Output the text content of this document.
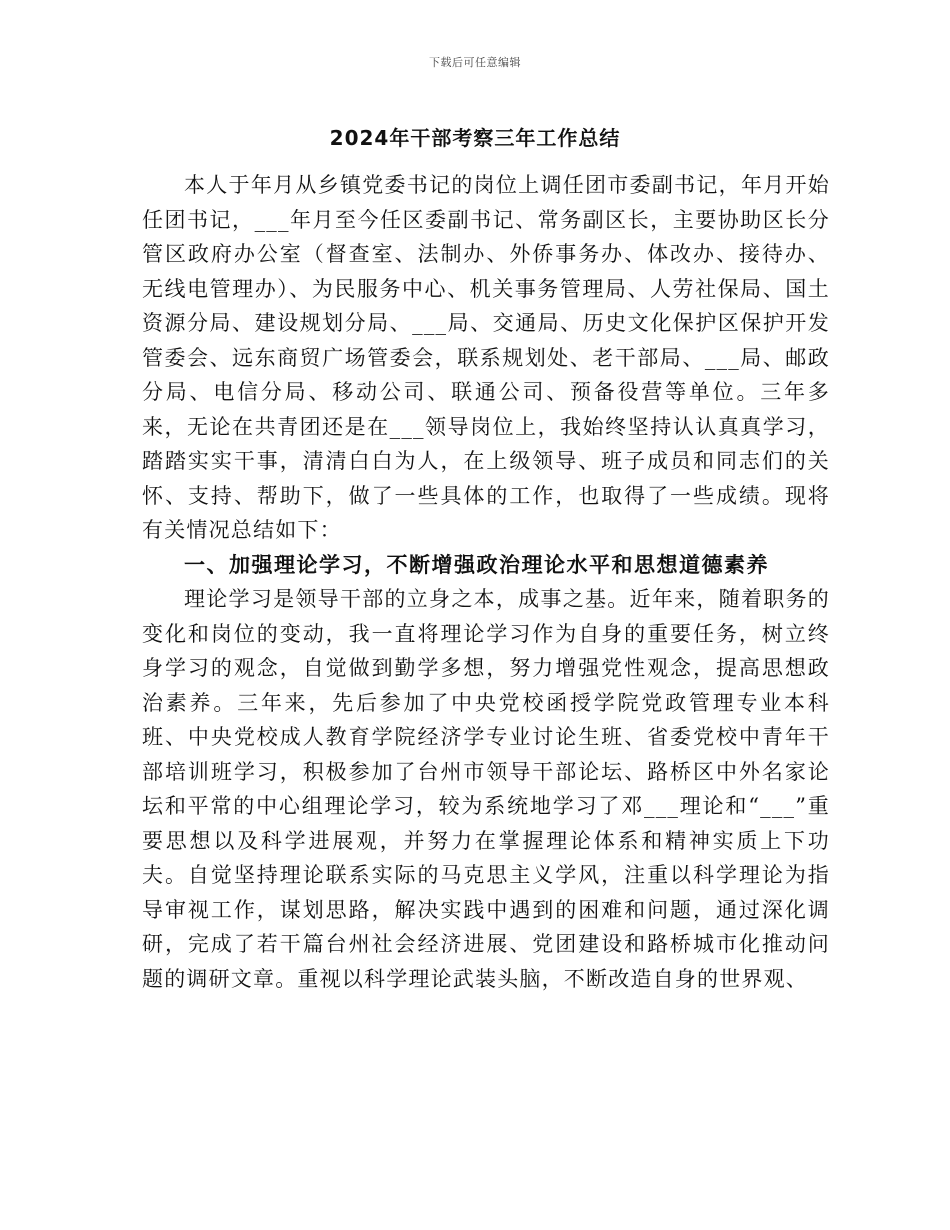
下载后可任意编辑
2024年干部考察三年工作总结

本人于年月从乡镇党委书记的岗位上调任团市委副书记，年月开始任团书记，___年月至今任区委副书记、常务副区长，主要协助区长分管区政府办公室（督查室、法制办、外侨事务办、体改办、接待办、无线电管理办）、为民服务中心、机关事务管理局、人劳社保局、国土资源分局、建设规划分局、___局、交通局、历史文化保护区保护开发管委会、远东商贸广场管委会，联系规划处、老干部局、___局、邮政分局、电信分局、移动公司、联通公司、预备役营等单位。三年多来，无论在共青团还是在___领导岗位上，我始终坚持认认真真学习，踏踏实实干事，清清白白为人，在上级领导、班子成员和同志们的关怀、支持、帮助下，做了一些具体的工作，也取得了一些成绩。现将有关情况总结如下：

一、加强理论学习，不断增强政治理论水平和思想道德素养

理论学习是领导干部的立身之本，成事之基。近年来，随着职务的变化和岗位的变动，我一直将理论学习作为自身的重要任务，树立终身学习的观念，自觉做到勤学多想，努力增强党性观念，提高思想政治素养。三年来，先后参加了中央党校函授学院党政管理专业本科班、中央党校成人教育学院经济学专业讨论生班、省委党校中青年干部培训班学习，积极参加了台州市领导干部论坛、路桥区中外名家论坛和平常的中心组理论学习，较为系统地学习了邓___理论和“___”重要思想以及科学进展观，并努力在掌握理论体系和精神实质上下功夫。自觉坚持理论联系实际的马克思主义学风，注重以科学理论为指导审视工作，谋划思路，解决实践中遇到的困难和问题，通过深化调研，完成了若干篇台州社会经济进展、党团建设和路桥城市化推动问题的调研文章。重视以科学理论武装头脑，不断改造自身的世界观、
